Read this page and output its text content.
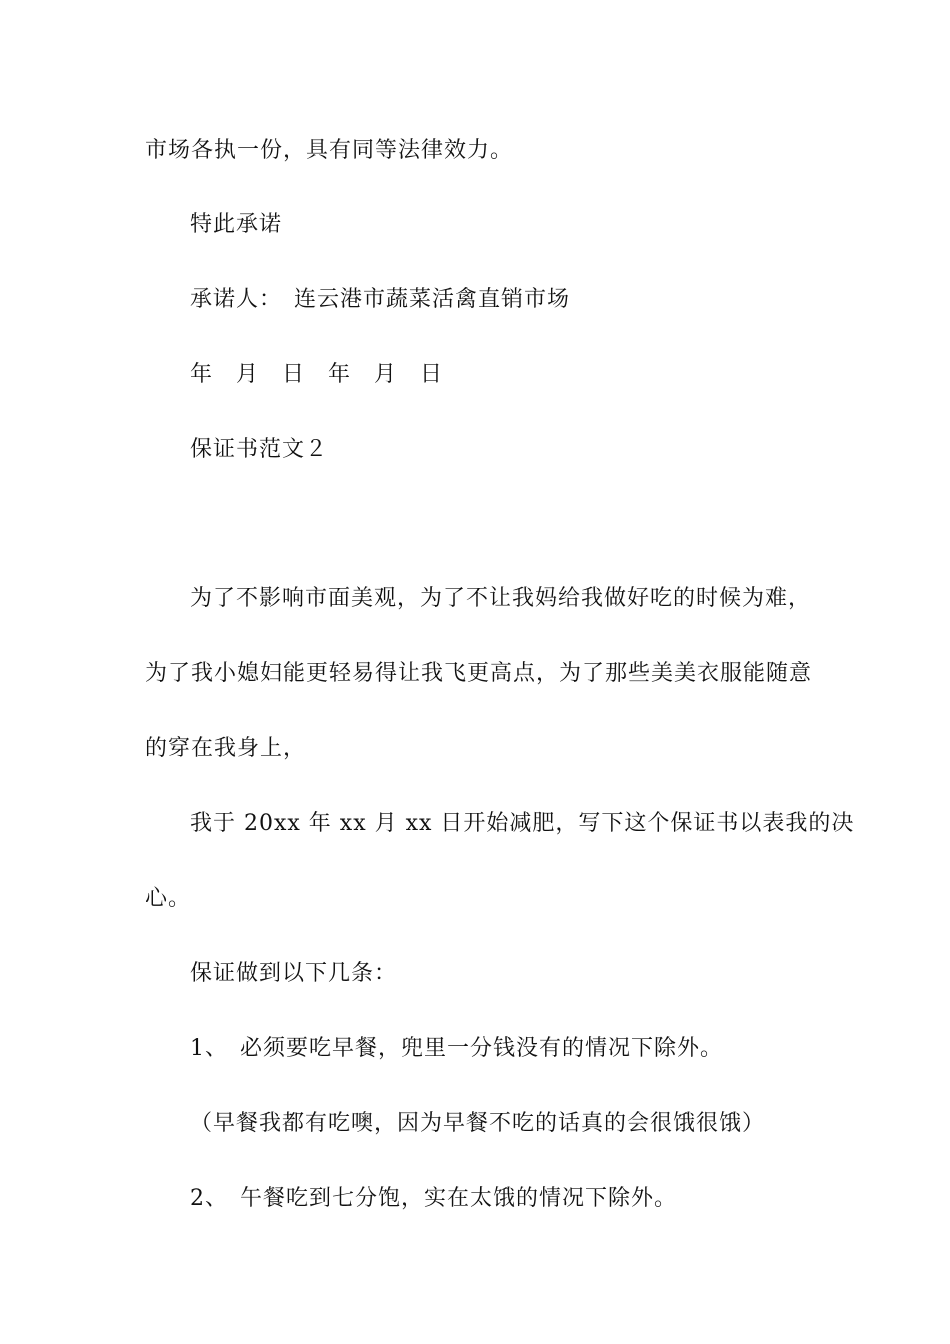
市场各执一份，具有同等法律效力。
特此承诺
承诺人：　连云港市蔬菜活禽直销市场
年　月　日　年　月　日
保证书范文２
为了不影响市面美观，为了不让我妈给我做好吃的时候为难，
为了我小媳妇能更轻易得让我飞更高点，为了那些美美衣服能随意
的穿在我身上，
我于 20xx 年 xx 月 xx 日开始减肥，写下这个保证书以表我的决
心。
保证做到以下几条：
1、　必须要吃早餐，兜里一分钱没有的情况下除外。
（早餐我都有吃噢，因为早餐不吃的话真的会很饿很饿）
2、　午餐吃到七分饱，实在太饿的情况下除外。
